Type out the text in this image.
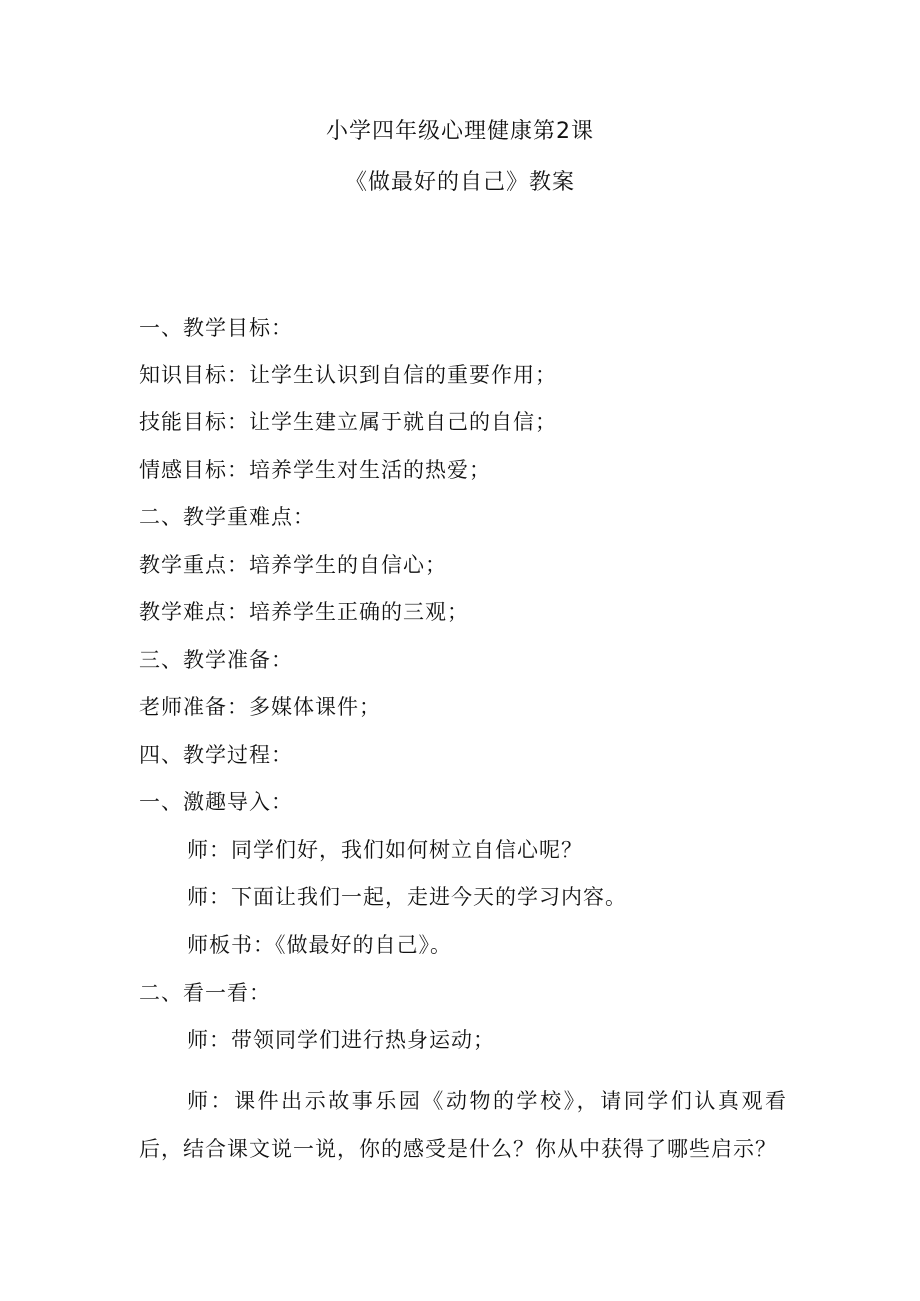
小学四年级心理健康第2课
《做最好的自己》教案
一、教学目标：
知识目标：让学生认识到自信的重要作用；
技能目标：让学生建立属于就自己的自信；
情感目标：培养学生对生活的热爱；
二、教学重难点：
教学重点：培养学生的自信心；
教学难点：培养学生正确的三观；
三、教学准备：
老师准备：多媒体课件；
四、教学过程：
一、激趣导入：
师：同学们好，我们如何树立自信心呢？
师：下面让我们一起，走进今天的学习内容。
师板书：《做最好的自己》。
二、看一看：
师：带领同学们进行热身运动；
师：课件出示故事乐园《动物的学校》，请同学们认真观看后，结合课文说一说，你的感受是什么？你从中获得了哪些启示？
